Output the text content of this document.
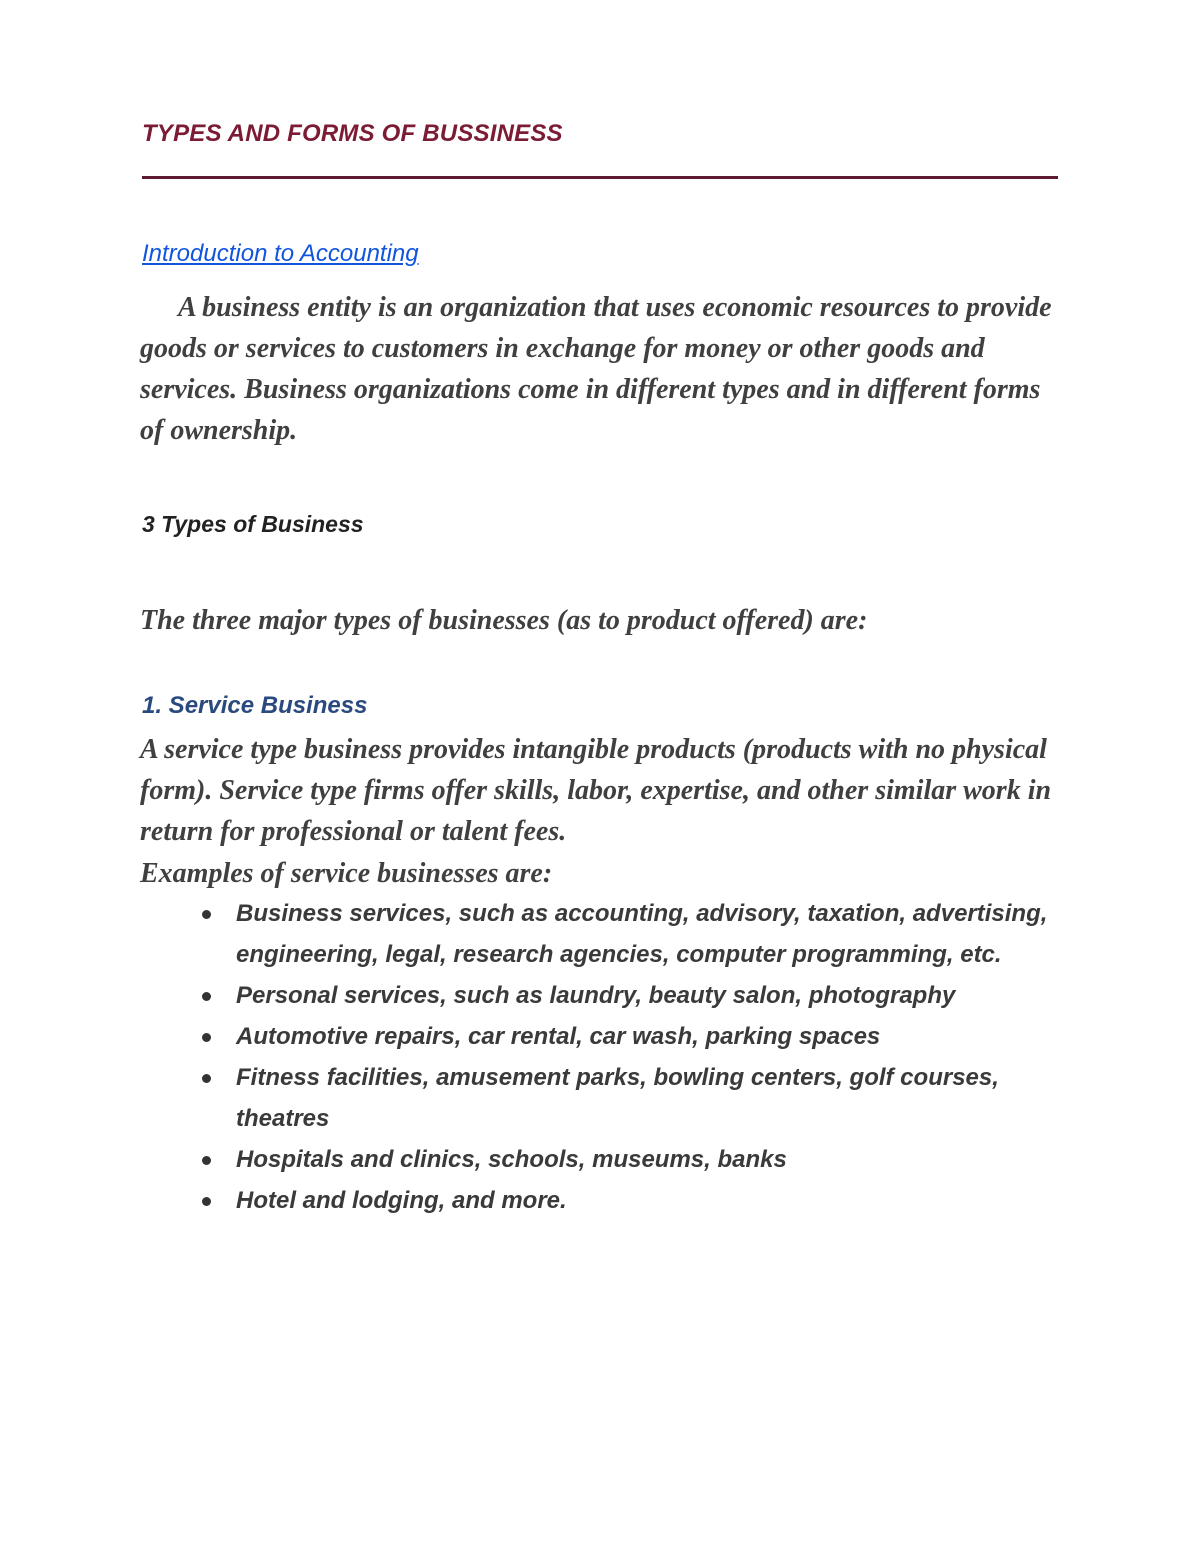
TYPES AND FORMS OF BUSSINESS
Introduction to Accounting

A business entity is an organization that uses economic resources to provide goods or services to customers in exchange for money or other goods and services. Business organizations come in different types and in different forms of ownership.

3 Types of Business

The three major types of businesses (as to product offered) are:

1. Service Business

A service type business provides intangible products (products with no physical form). Service type firms offer skills, labor, expertise, and other similar work in return for professional or talent fees.

Examples of service businesses are:

Business services, such as accounting, advisory, taxation, advertising, engineering, legal, research agencies, computer programming, etc.
Personal services, such as laundry, beauty salon, photography
Automotive repairs, car rental, car wash, parking spaces
Fitness facilities, amusement parks, bowling centers, golf courses, theatres
Hospitals and clinics, schools, museums, banks
Hotel and lodging, and more.
